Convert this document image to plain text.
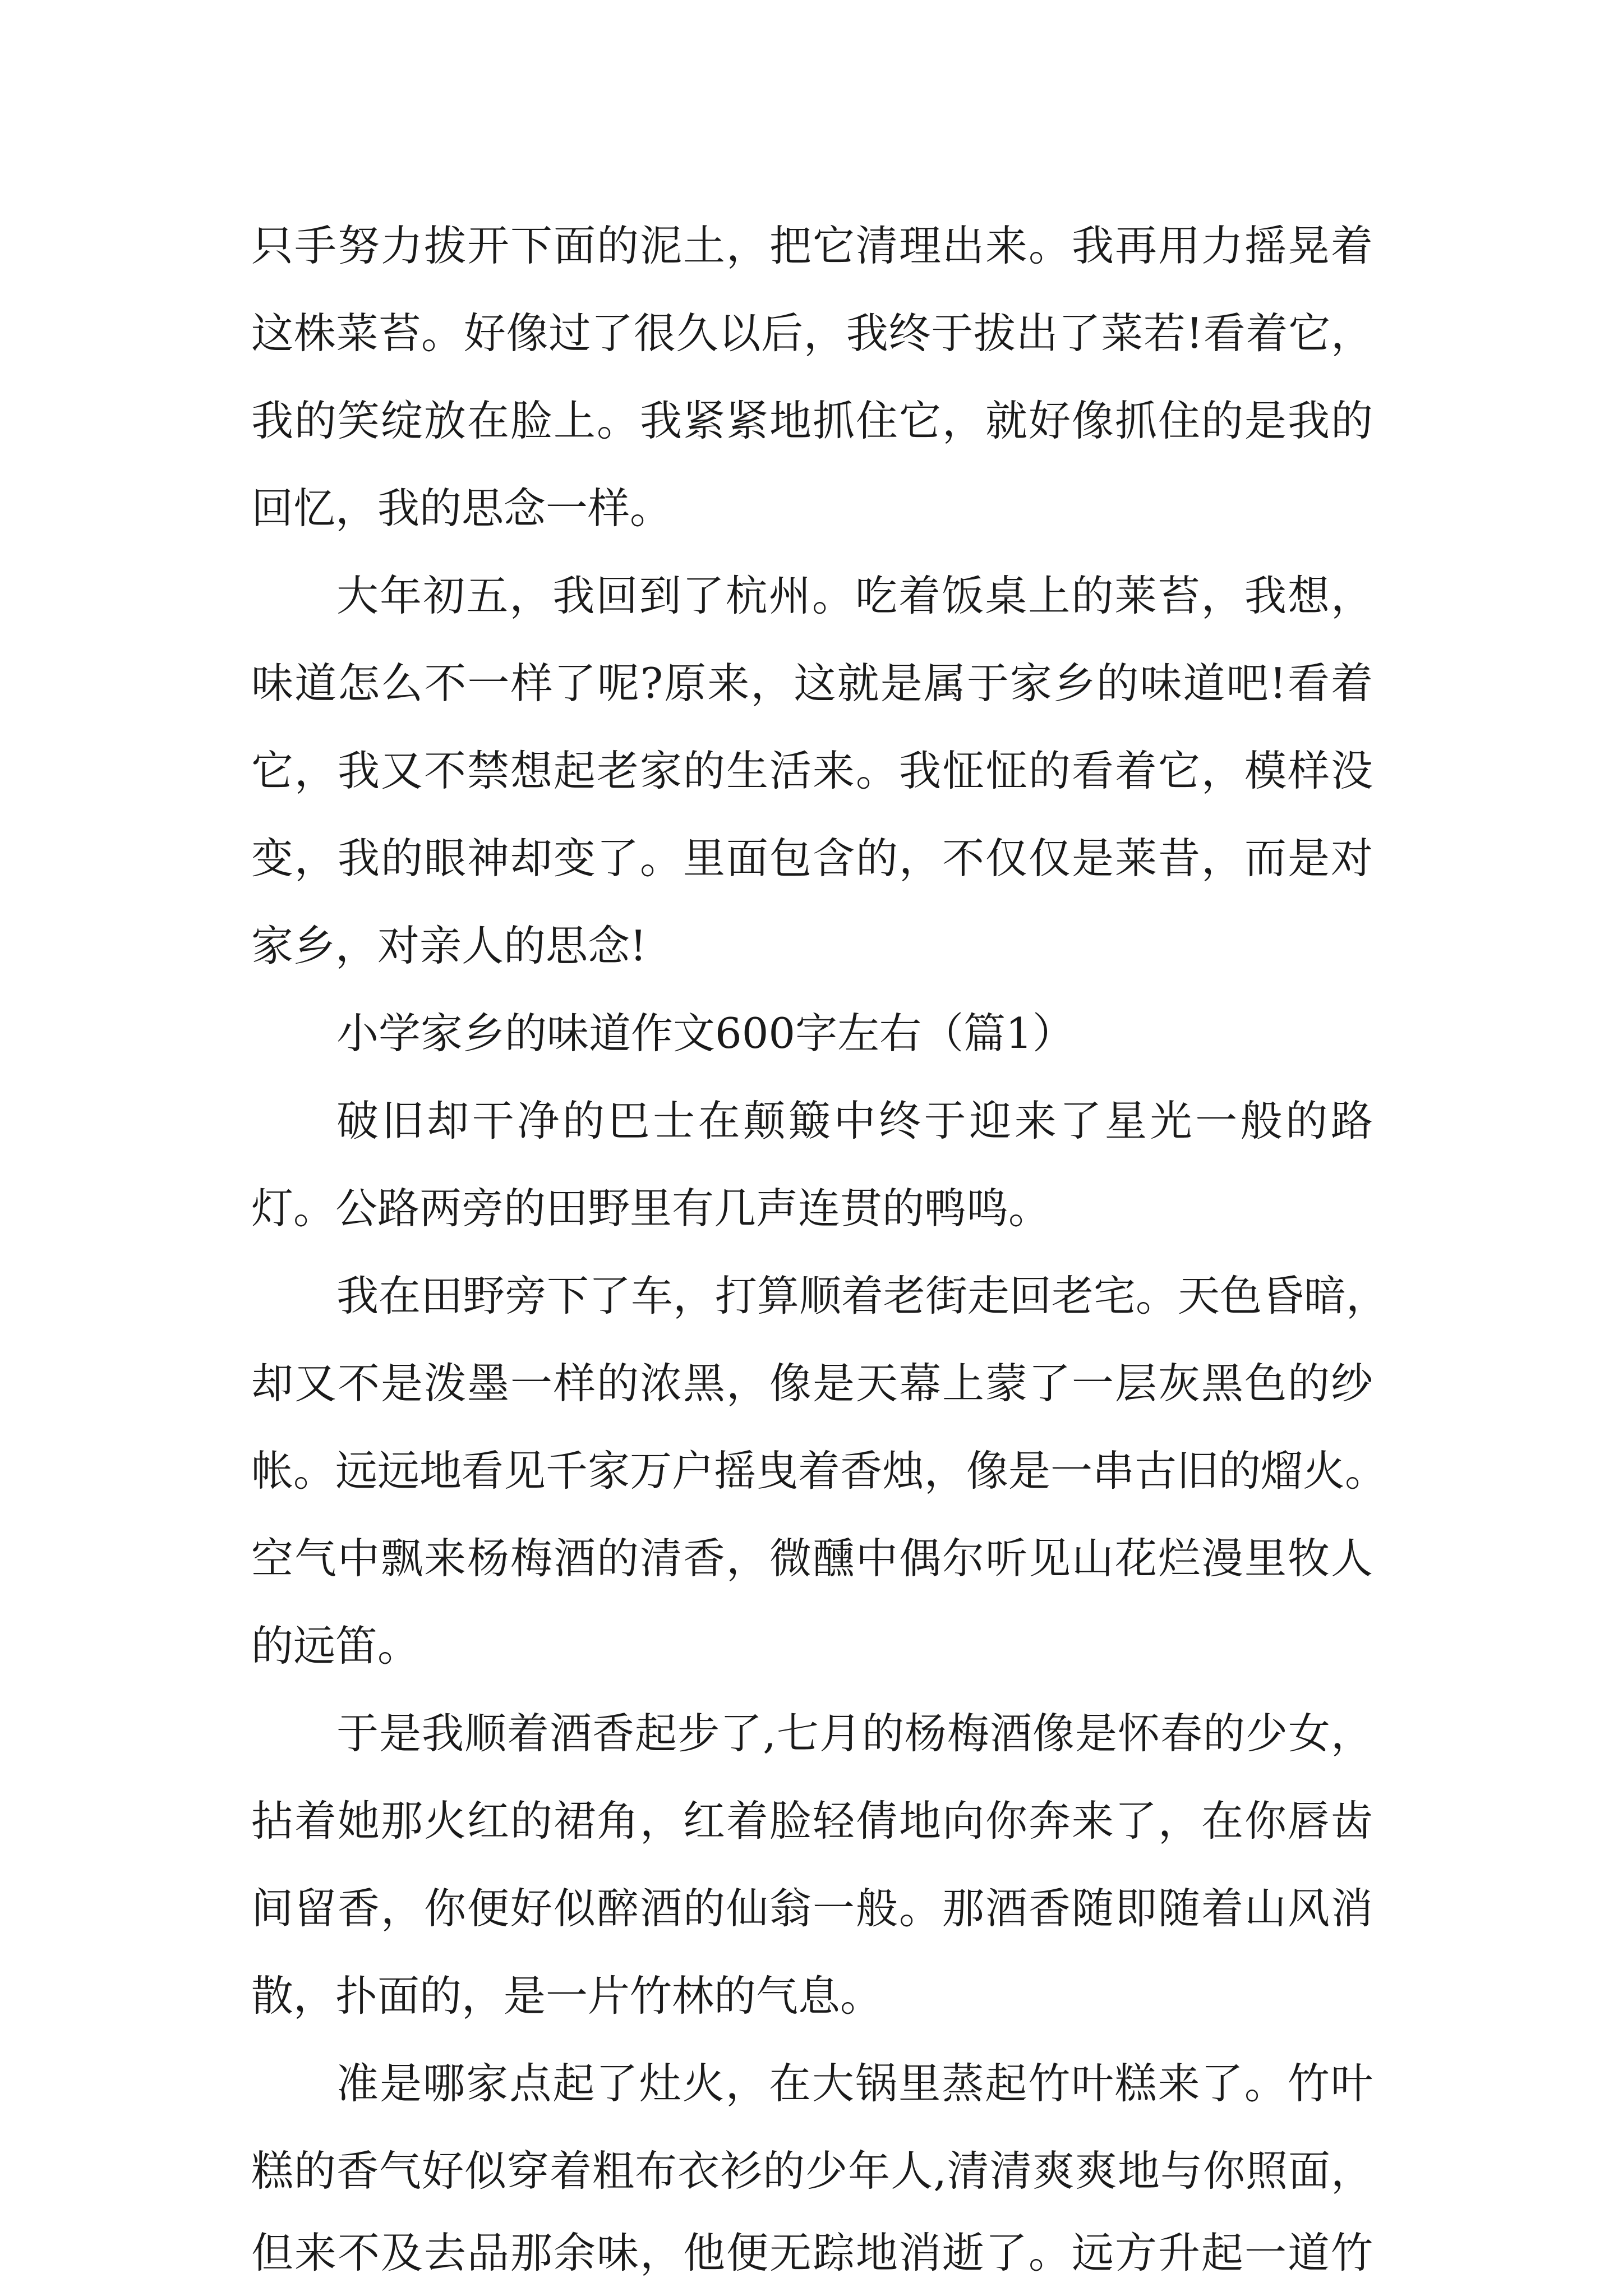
只手努力拔开下面的泥土，把它清理出来。我再用力摇晃着
这株菜苔。好像过了很久以后，我终于拔出了菜若!看着它，
我的笑绽放在脸上。我紧紧地抓住它，就好像抓住的是我的
回忆，我的思念一样。
大年初五，我回到了杭州。吃着饭桌上的莱苔，我想，
味道怎么不一样了呢?原来，这就是属于家乡的味道吧!看着
它，我又不禁想起老家的生活来。我怔怔的看着它，模样没
变，我的眼神却变了。里面包含的，不仅仅是莱昔，而是对
家乡，对亲人的思念!
小学家乡的味道作文600字左右（篇1）
破旧却干净的巴士在颠簸中终于迎来了星光一般的路
灯。公路两旁的田野里有几声连贯的鸭鸣。
我在田野旁下了车，打算顺着老街走回老宅。天色昏暗，
却又不是泼墨一样的浓黑，像是天幕上蒙了一层灰黑色的纱
帐。远远地看见千家万户摇曳着香烛，像是一串古旧的熘火。
空气中飘来杨梅酒的清香，微醺中偶尔听见山花烂漫里牧人
的远笛。
于是我顺着酒香起步了,七月的杨梅酒像是怀春的少女，
拈着她那火红的裙角，红着脸轻倩地向你奔来了，在你唇齿
间留香，你便好似醉酒的仙翁一般。那酒香随即随着山风消
散，扑面的，是一片竹林的气息。
准是哪家点起了灶火，在大锅里蒸起竹叶糕来了。竹叶
糕的香气好似穿着粗布衣衫的少年人,清清爽爽地与你照面，
但来不及去品那余味，他便无踪地消逝了。远方升起一道竹
